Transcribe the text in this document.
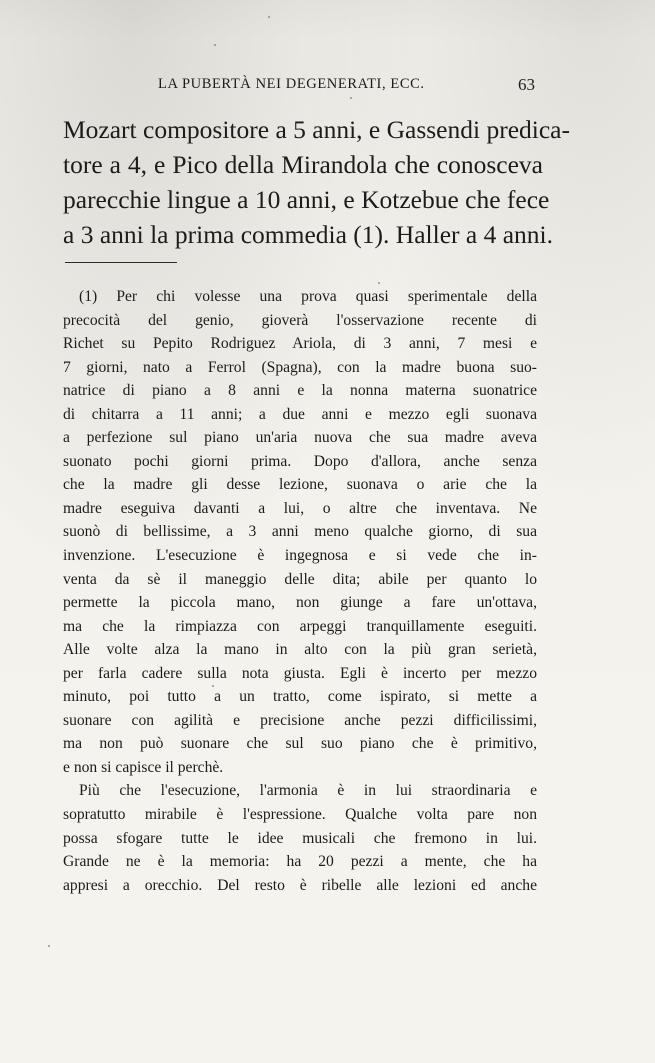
LA PUBERTÀ NEI DEGENERATI, ECC.	63
Mozart compositore a 5 anni, e Gassendi predica-
tore a 4, e Pico della Mirandola che conosceva
parecchie lingue a 10 anni, e Kotzebue che fece
a 3 anni la prima commedia (1). Haller a 4 anni.
(1) Per chi volesse una prova quasi sperimentale della
precocità del genio, gioverà l'osservazione recente di
Richet su Pepito Rodriguez Ariola, di 3 anni, 7 mesi e
7 giorni, nato a Ferrol (Spagna), con la madre buona suo-
natrice di piano a 8 anni e la nonna materna suonatrice
di chitarra a 11 anni; a due anni e mezzo egli suonava
a perfezione sul piano un'aria nuova che sua madre aveva
suonato pochi giorni prima. Dopo d'allora, anche senza
che la madre gli desse lezione, suonava o arie che la
madre eseguiva davanti a lui, o altre che inventava. Ne
suonò di bellissime, a 3 anni meno qualche giorno, di sua
invenzione. L'esecuzione è ingegnosa e si vede che in-
venta da sè il maneggio delle dita; abile per quanto lo
permette la piccola mano, non giunge a fare un'ottava,
ma che la rimpiazza con arpeggi tranquillamente eseguiti.
Alle volte alza la mano in alto con la più gran serietà,
per farla cadere sulla nota giusta. Egli è incerto per mezzo
minuto, poi tutto a un tratto, come ispirato, si mette a
suonare con agilità e precisione anche pezzi difficilissimi,
ma non può suonare che sul suo piano che è primitivo,
e non si capisce il perchè.
Più che l'esecuzione, l'armonia è in lui straordinaria e
sopratutto mirabile è l'espressione. Qualche volta pare non
possa sfogare tutte le idee musicali che fremono in lui.
Grande ne è la memoria: ha 20 pezzi a mente, che ha
appresi a orecchio. Del resto è ribelle alle lezioni ed anche
